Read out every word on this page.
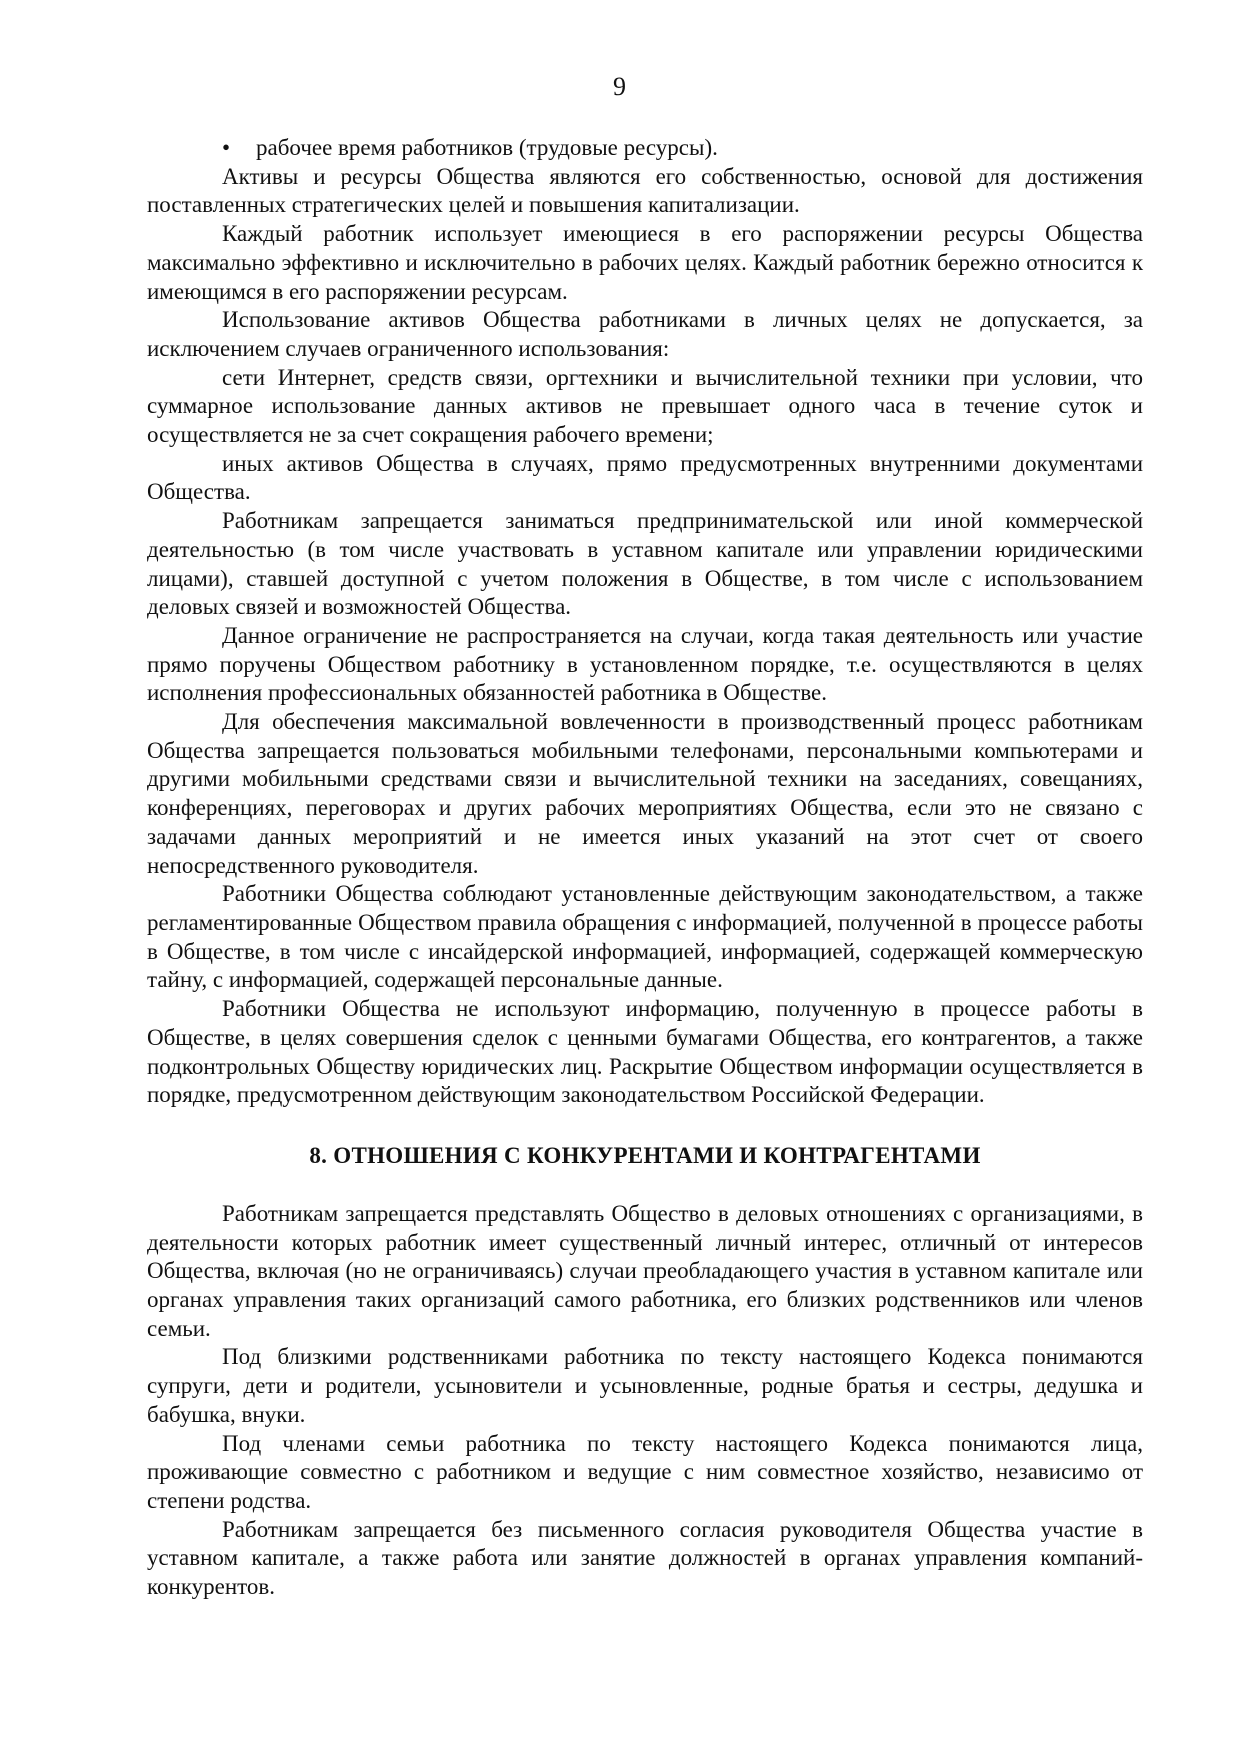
9
• рабочее время работников (трудовые ресурсы).

Активы и ресурсы Общества являются его собственностью, основой для достижения поставленных стратегических целей и повышения капитализации.

Каждый работник использует имеющиеся в его распоряжении ресурсы Общества максимально эффективно и исключительно в рабочих целях. Каждый работник бережно относится к имеющимся в его распоряжении ресурсам.

Использование активов Общества работниками в личных целях не допускается, за исключением случаев ограниченного использования:

сети Интернет, средств связи, оргтехники и вычислительной техники при условии, что суммарное использование данных активов не превышает одного часа в течение суток и осуществляется не за счет сокращения рабочего времени;

иных активов Общества в случаях, прямо предусмотренных внутренними документами Общества.

Работникам запрещается заниматься предпринимательской или иной коммерческой деятельностью (в том числе участвовать в уставном капитале или управлении юридическими лицами), ставшей доступной с учетом положения в Обществе, в том числе с использованием деловых связей и возможностей Общества.

Данное ограничение не распространяется на случаи, когда такая деятельность или участие прямо поручены Обществом работнику в установленном порядке, т.е. осуществляются в целях исполнения профессиональных обязанностей работника в Обществе.

Для обеспечения максимальной вовлеченности в производственный процесс работникам Общества запрещается пользоваться мобильными телефонами, персональными компьютерами и другими мобильными средствами связи и вычислительной техники на заседаниях, совещаниях, конференциях, переговорах и других рабочих мероприятиях Общества, если это не связано с задачами данных мероприятий и не имеется иных указаний на этот счет от своего непосредственного руководителя.

Работники Общества соблюдают установленные действующим законодательством, а также регламентированные Обществом правила обращения с информацией, полученной в процессе работы в Обществе, в том числе с инсайдерской информацией, информацией, содержащей коммерческую тайну, с информацией, содержащей персональные данные.

Работники Общества не используют информацию, полученную в процессе работы в Обществе, в целях совершения сделок с ценными бумагами Общества, его контрагентов, а также подконтрольных Обществу юридических лиц. Раскрытие Обществом информации осуществляется в порядке, предусмотренном действующим законодательством Российской Федерации.

8. ОТНОШЕНИЯ С КОНКУРЕНТАМИ И КОНТРАГЕНТАМИ

Работникам запрещается представлять Общество в деловых отношениях с организациями, в деятельности которых работник имеет существенный личный интерес, отличный от интересов Общества, включая (но не ограничиваясь) случаи преобладающего участия в уставном капитале или органах управления таких организаций самого работника, его близких родственников или членов семьи.

Под близкими родственниками работника по тексту настоящего Кодекса понимаются супруги, дети и родители, усыновители и усыновленные, родные братья и сестры, дедушка и бабушка, внуки.

Под членами семьи работника по тексту настоящего Кодекса понимаются лица, проживающие совместно с работником и ведущие с ним совместное хозяйство, независимо от степени родства.

Работникам запрещается без письменного согласия руководителя Общества участие в уставном капитале, а также работа или занятие должностей в органах управления компаний-конкурентов.
